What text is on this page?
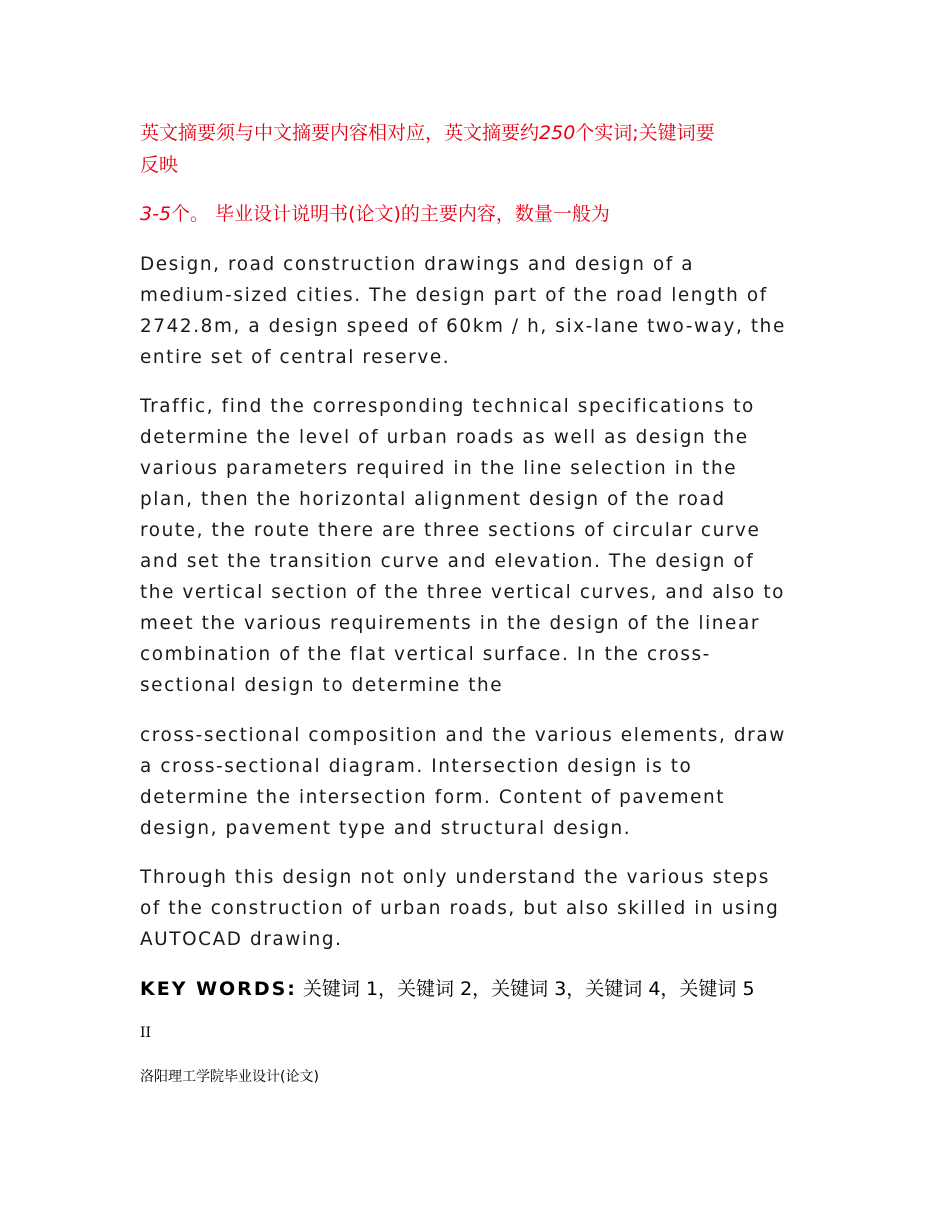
英文摘要须与中文摘要内容相对应，英文摘要约250个实词;关键词要

反映

3-5个。 毕业设计说明书(论文)的主要内容，数量一般为

Design, road construction drawings and design of a
medium-sized cities. The design part of the road length of
2742.8m, a design speed of 60km / h, six-lane two-way, the
entire set of central reserve.
Traffic, find the corresponding technical specifications to
determine the level of urban roads as well as design the
various parameters required in the line selection in the
plan, then the horizontal alignment design of the road
route, the route there are three sections of circular curve
and set the transition curve and elevation. The design of
the vertical section of the three vertical curves, and also to
meet the various requirements in the design of the linear
combination of the flat vertical surface. In the cross-
sectional design to determine the
cross-sectional composition and the various elements, draw
a cross-sectional diagram. Intersection design is to
determine the intersection form. Content of pavement
design, pavement type and structural design.
Through this design not only understand the various steps
of the construction of urban roads, but also skilled in using
AUTOCAD drawing.
KEY WORDS: 关键词 1，关键词 2，关键词 3，关键词 4，关键词 5
II
洛阳理工学院毕业设计(论文)
